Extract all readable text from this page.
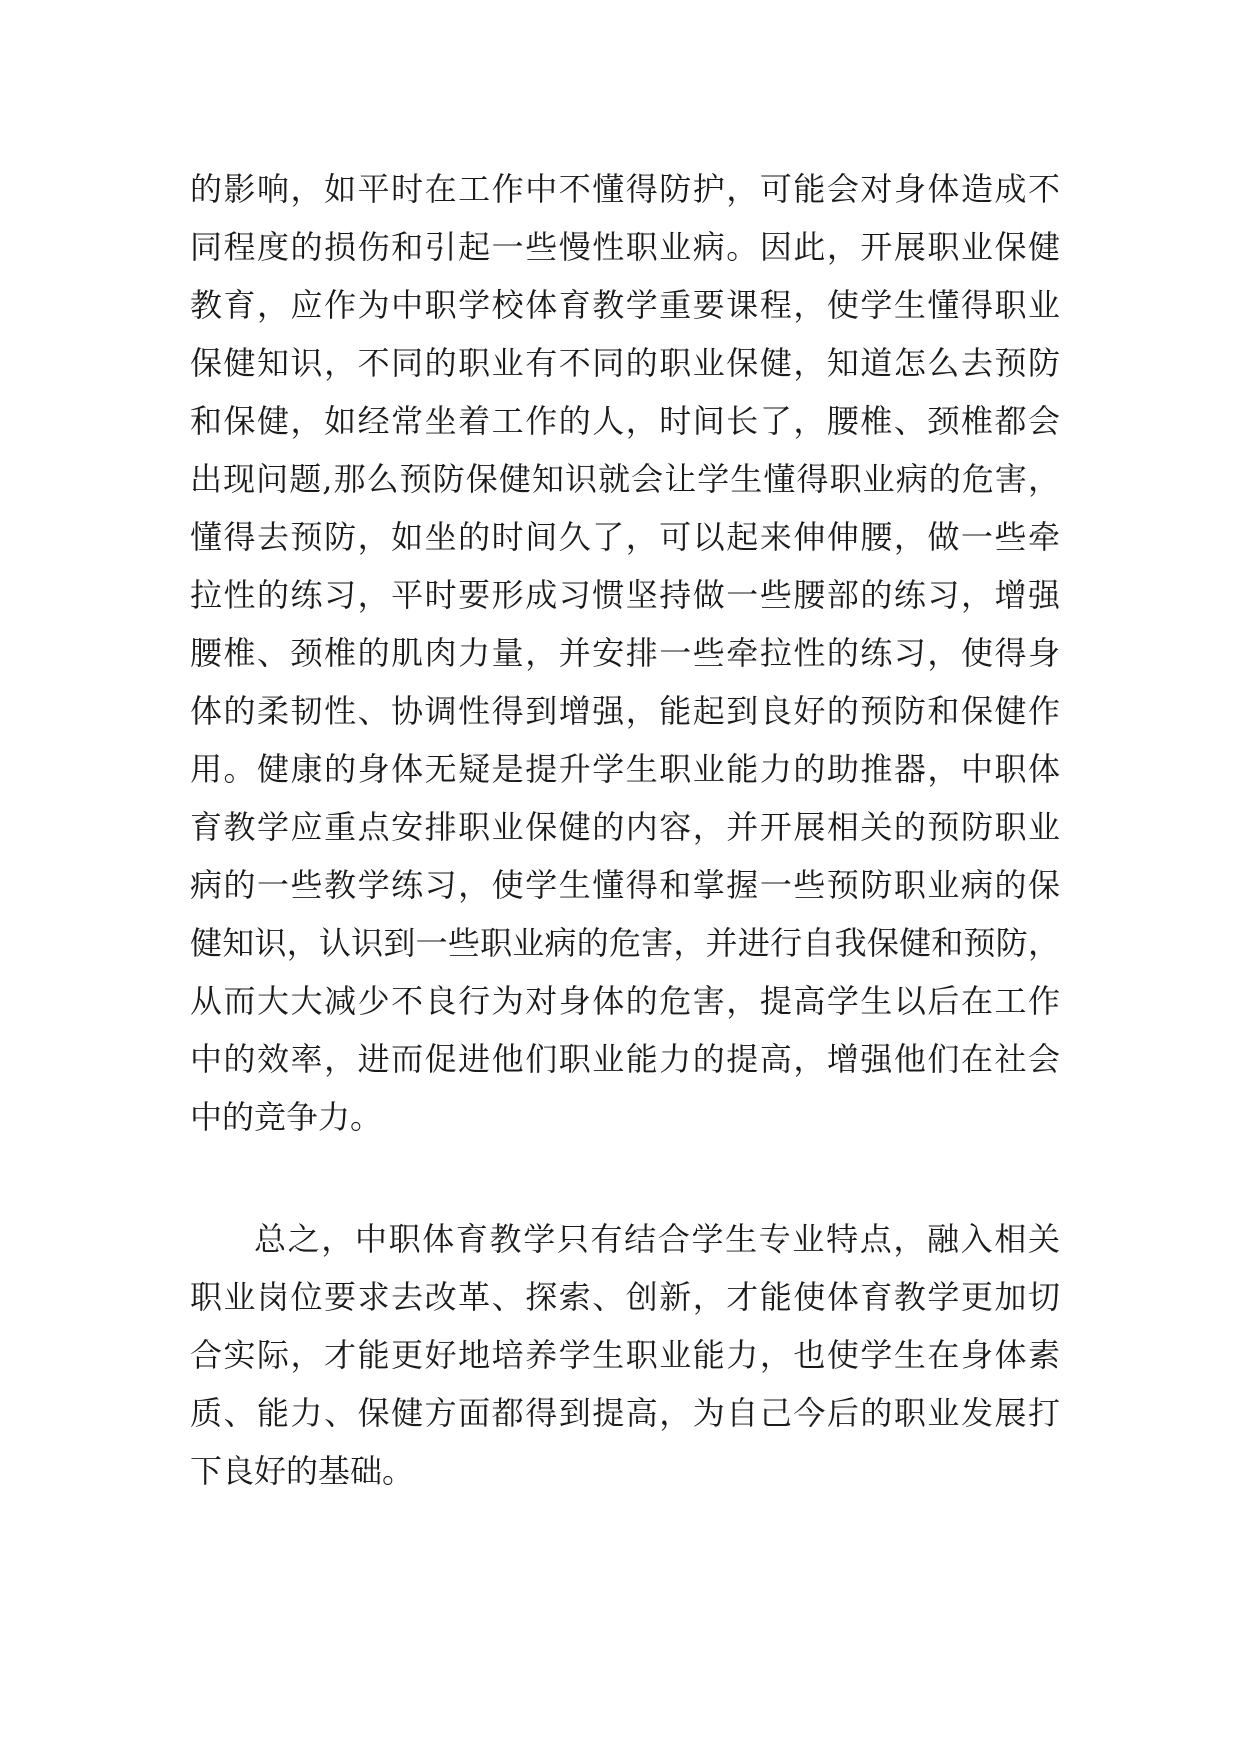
的影响，如平时在工作中不懂得防护，可能会对身体造成不
同程度的损伤和引起一些慢性职业病。因此，开展职业保健
教育，应作为中职学校体育教学重要课程，使学生懂得职业
保健知识，不同的职业有不同的职业保健，知道怎么去预防
和保健，如经常坐着工作的人，时间长了，腰椎、颈椎都会
出现问题,那么预防保健知识就会让学生懂得职业病的危害，
懂得去预防，如坐的时间久了，可以起来伸伸腰，做一些牵
拉性的练习，平时要形成习惯坚持做一些腰部的练习，增强
腰椎、颈椎的肌肉力量，并安排一些牵拉性的练习，使得身
体的柔韧性、协调性得到增强，能起到良好的预防和保健作
用。健康的身体无疑是提升学生职业能力的助推器，中职体
育教学应重点安排职业保健的内容，并开展相关的预防职业
病的一些教学练习，使学生懂得和掌握一些预防职业病的保
健知识，认识到一些职业病的危害，并进行自我保健和预防，
从而大大减少不良行为对身体的危害，提高学生以后在工作
中的效率，进而促进他们职业能力的提高，增强他们在社会
中的竞争力。

总之，中职体育教学只有结合学生专业特点，融入相关
职业岗位要求去改革、探索、创新，才能使体育教学更加切
合实际，才能更好地培养学生职业能力，也使学生在身体素
质、能力、保健方面都得到提高，为自己今后的职业发展打
下良好的基础。
